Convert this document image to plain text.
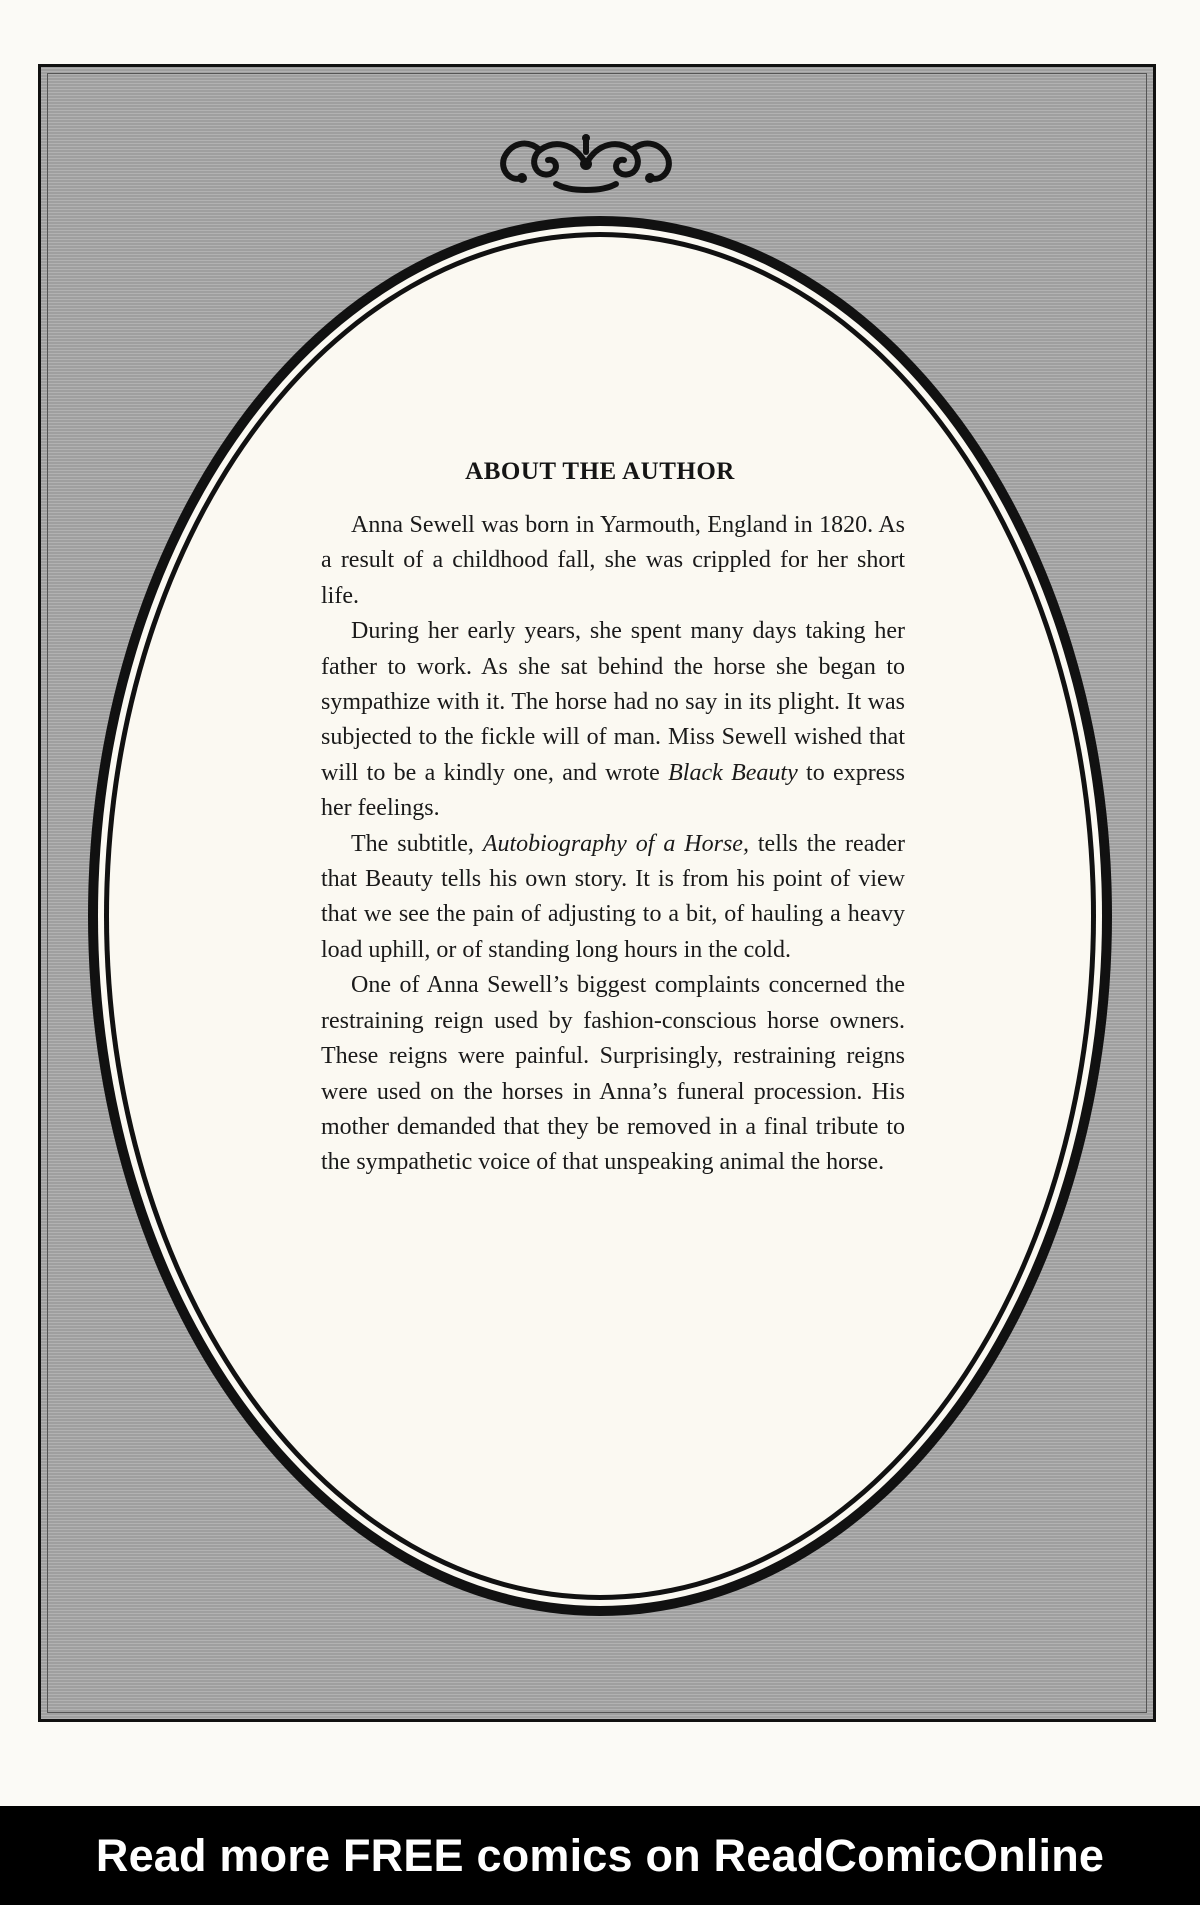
ABOUT THE AUTHOR

Anna Sewell was born in Yarmouth, England in 1820. As a result of a childhood fall, she was crippled for her short life.

During her early years, she spent many days taking her father to work. As she sat behind the horse she began to sympathize with it. The horse had no say in its plight. It was subjected to the fickle will of man. Miss Sewell wished that will to be a kindly one, and wrote Black Beauty to express her feelings.

The subtitle, Autobiography of a Horse, tells the reader that Beauty tells his own story. It is from his point of view that we see the pain of adjusting to a bit, of hauling a heavy load uphill, or of standing long hours in the cold.

One of Anna Sewell’s biggest complaints concerned the restraining reign used by fashion-conscious horse owners. These reigns were painful. Surprisingly, restraining reigns were used on the horses in Anna’s funeral procession. His mother demanded that they be removed in a final tribute to the sympathetic voice of that unspeaking animal the horse.

Read more FREE comics on ReadComicOnline
